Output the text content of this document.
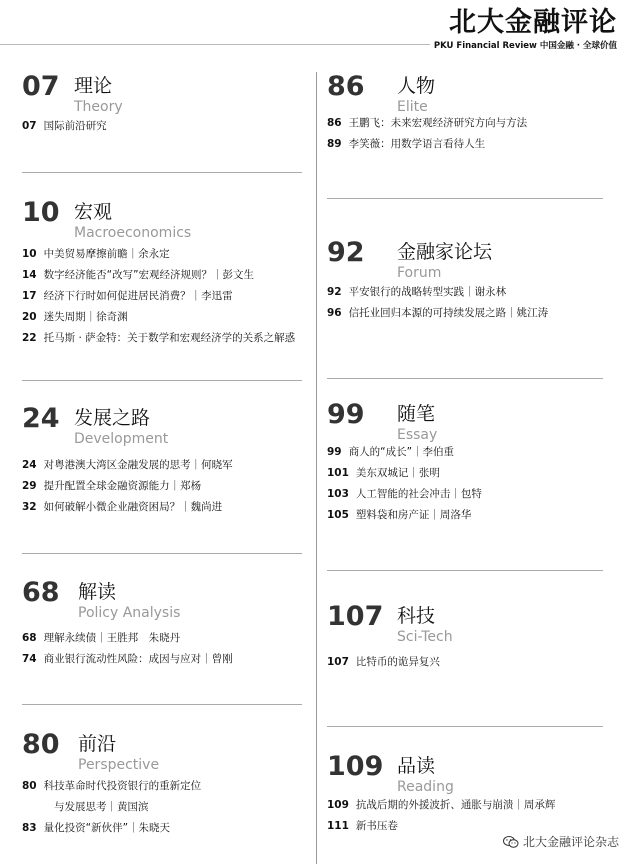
北大金融评论
PKU Financial Review 中国金融 · 全球价值
07 理论
Theory
07 国际前沿研究
10 宏观
Macroeconomics
10 中美贸易摩擦前瞻｜余永定
14 数字经济能否“改写”宏观经济规则？｜彭文生
17 经济下行时如何促进居民消费？｜李迅雷
20 迷失周期｜徐奇渊
22 托马斯 · 萨金特：关于数学和宏观经济学的关系之解惑
24 发展之路
Development
24 对粤港澳大湾区金融发展的思考｜何晓军
29 提升配置全球金融资源能力｜郑杨
32 如何破解小微企业融资困局？｜魏尚进
68 解读
Policy Analysis
68 理解永续债｜王胜邦　朱晓丹
74 商业银行流动性风险：成因与应对｜曾刚
80 前沿
Perspective
80 科技革命时代投资银行的重新定位
与发展思考｜黄国滨
83 量化投资“新伙伴”｜朱晓天
86 人物
Elite
86 王鹏飞：未来宏观经济研究方向与方法
89 李笑薇：用数学语言看待人生
92 金融家论坛
Forum
92 平安银行的战略转型实践｜谢永林
96 信托业回归本源的可持续发展之路｜姚江涛
99 随笔
Essay
99 商人的“成长”｜李伯重
101 美东双城记｜张明
103 人工智能的社会冲击｜包特
105 塑料袋和房产证｜周洛华
107 科技
Sci-Tech
107 比特币的诡异复兴
109 品读
Reading
109 抗战后期的外援波折、通胀与崩溃｜周承辉
111 新书压卷
北大金融评论杂志
